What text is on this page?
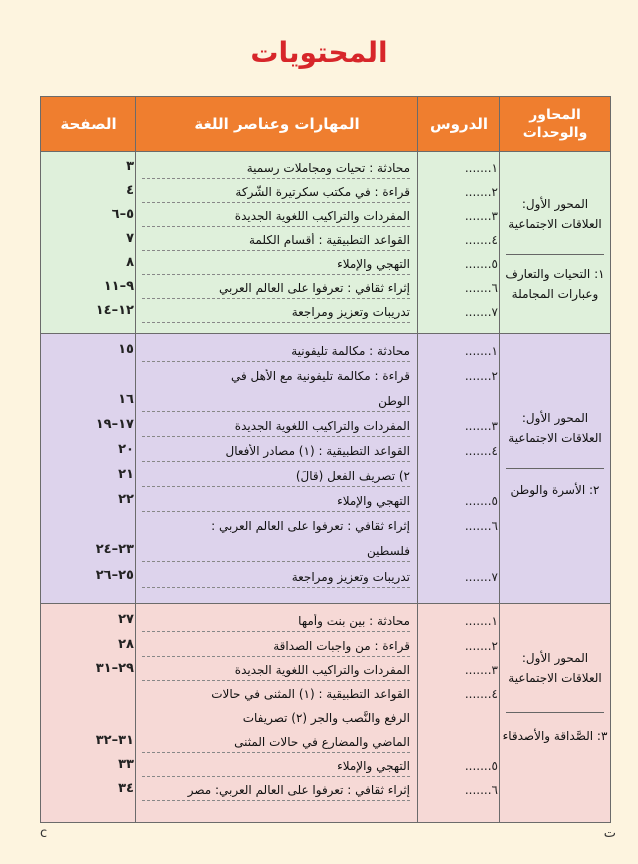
المحتويات
المحاور والوحدات
الدروس
المهارات وعناصر اللغة
الصفحة
المحور الأول: العلاقات الاجتماعية
١: التحيات والتعارف وعبارات المجاملة
١.......
محادثة : تحيات ومجاملات رسمية
٣
٢.......
قراءة : في مكتب سكرتيرة الشَّركة
٤
٣.......
المفردات والتراكيب اللغوية الجديدة
٥–٦
٤.......
القواعد التطبيقية : أقسام الكلمة
٧
٥.......
التهجي والإملاء
٨
٦.......
إثراء ثقافي : تعرفوا على العالم العربي
٩–١١
٧.......
تدريبات وتعزيز ومراجعة
١٢–١٤
المحور الأول: العلاقات الاجتماعية
٢: الأسرة والوطن
١.......
محادثة : مكالمة تليفونية
١٥
٢.......
قراءة : مكالمة تليفونية مع الأهل في
الوطن
١٦
٣.......
المفردات والتراكيب اللغوية الجديدة
١٧–١٩
٤.......
القواعد التطبيقية : (١) مصادر الأفعال
٢٠
٢) تصريف الفعل (قالَ)
٢١
٥.......
التهجي والإملاء
٢٢
٦.......
إثراء ثقافي : تعرفوا على العالم العربي :
فلسطين
٢٣–٢٤
٧.......
تدريبات وتعزيز ومراجعة
٢٥–٢٦
المحور الأول: العلاقات الاجتماعية
٣: الصَّداقة والأصدقاء
١.......
محادثة : بين بنت وأمها
٢٧
٢.......
قراءة : من واجبات الصداقة
٢٨
٣.......
المفردات والتراكيب اللغوية الجديدة
٢٩–٣١
٤.......
القواعد التطبيقية : (١) المثنى في حالات
الرفع والنَّصب والجر (٢) تصريفات
الماضي والمضارع في حالات المثنى
٣١–٣٢
٥.......
التهجي والإملاء
٣٣
٦.......
إثراء ثقافي : تعرفوا على العالم العربي: مصر
٣٤
c	ت
